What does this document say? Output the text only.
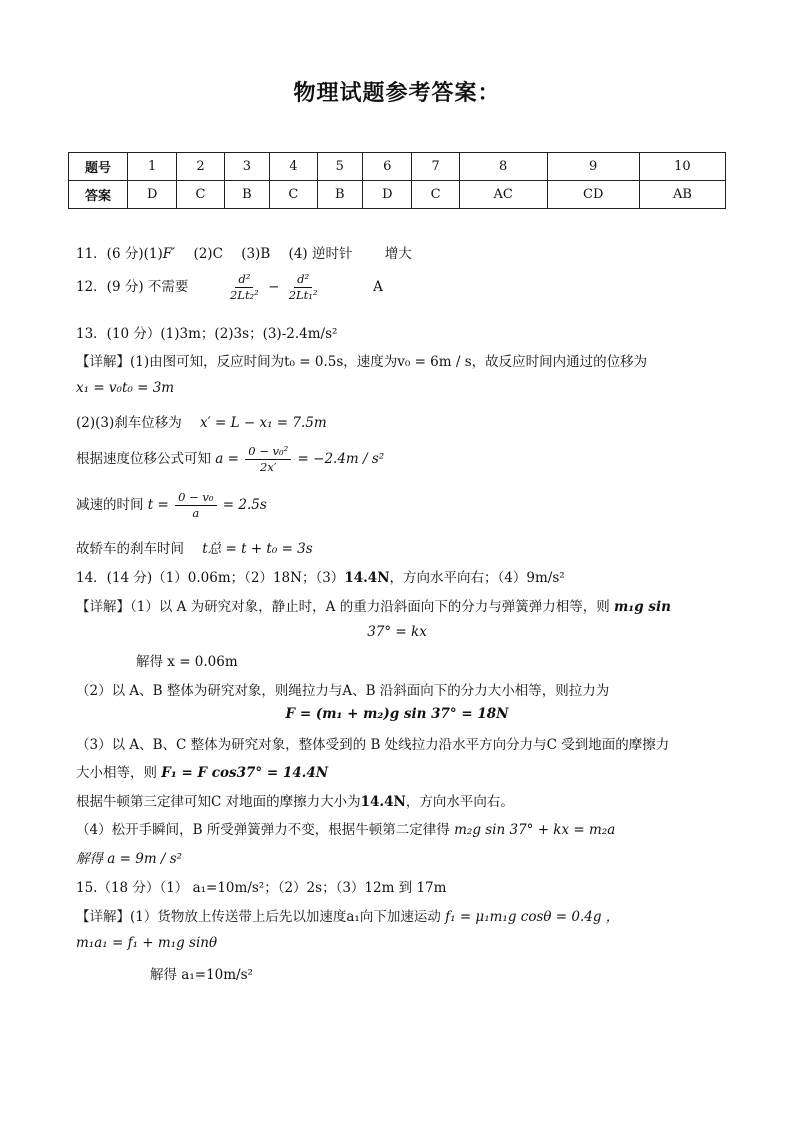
物理试题参考答案：
题号	1	2	3	4	5	6	7	8	9	10
答案	D	C	B	C	B	D	C	AC	CD	AB
11．(6 分)(1)F′ (2)C (3)B (4) 逆时针 增大
12．(9 分) 不需要	$\frac{\text{d²}}{\text{2Lt₂²}} - \frac{\text{d²}}{\text{2Lt₁²}}$	A
13．(10 分）(1)3m；(2)3s；(3)-2.4m/s²
【详解】(1)由图可知，反应时间为t₀ = 0.5s，速度为v₀ = 6m / s，故反应时间内通过的位移为
x₁ = v₀t₀ = 3m
(2)(3)刹车位移为 x′ = L − x₁ = 7.5m
根据速度位移公式可知 $a = \frac{\text{0 − v₀²}}{2x'} = -2.4m / s^2$
减速的时间 $t = \frac{\text{0 − v₀}}{a} = 2.5s$
故轿车的刹车时间 t总 = t + t₀ = 3s
14．(14 分)（1）0.06m；（2）18N；（3）14.4N，方向水平向右；（4）9m/s²
【详解】（1）以 A 为研究对象，静止时，A 的重力沿斜面向下的分力与弹簧弹力相等，则 m₁g sin
37° = kx
解得 x = 0.06m
（2）以 A、B 整体为研究对象，则绳拉力与A、B 沿斜面向下的分力大小相等，则拉力为
F = (m₁ + m₂)g sin 37° = 18N
（3）以 A、B、C 整体为研究对象，整体受到的 B 处线拉力沿水平方向分力与C 受到地面的摩擦力
大小相等，则 F₁ = F cos37° = 14.4N
根据牛顿第三定律可知C 对地面的摩擦力大小为14.4N，方向水平向右。
（4）松开手瞬间，B 所受弹簧弹力不变，根据牛顿第二定律得 m₂g sin 37° + kx = m₂a
解得 a = 9m / s²
15.（18 分）（1） a₁=10m/s²；（2）2s；（3）12m 到 17m
【详解】(1）货物放上传送带上后先以加速度a₁向下加速运动 f₁ = μ₁m₁g cosθ = 0.4g ，
m₁a₁ = f₁ + m₁g sinθ
解得 a₁=10m/s²
